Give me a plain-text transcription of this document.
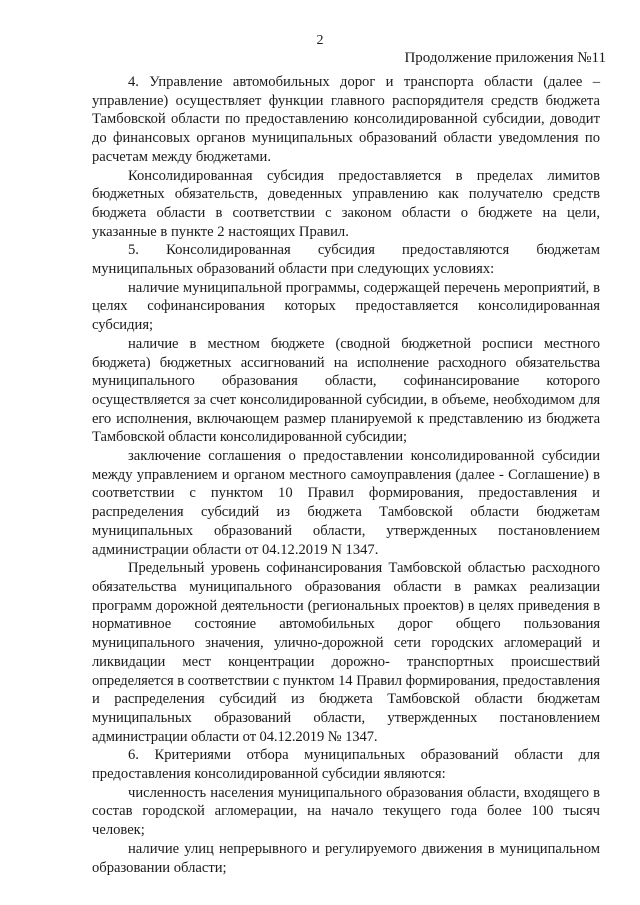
2
Продолжение приложения №11

4. Управление автомобильных дорог и транспорта области (далее – управление) осуществляет функции главного распорядителя средств бюджета Тамбовской области по предоставлению консолидированной субсидии, доводит до финансовых органов муниципальных образований области уведомления по расчетам между бюджетами.

Консолидированная субсидия предоставляется в пределах лимитов бюджетных обязательств, доведенных управлению как получателю средств бюджета области в соответствии с законом области о бюджете на цели, указанные в пункте 2 настоящих Правил.

5. Консолидированная субсидия предоставляются бюджетам муниципальных образований области при следующих условиях:

наличие муниципальной программы, содержащей перечень мероприятий, в целях софинансирования которых предоставляется консолидированная субсидия;

наличие в местном бюджете (сводной бюджетной росписи местного бюджета) бюджетных ассигнований на исполнение расходного обязательства муниципального образования области, софинансирование которого осуществляется за счет консолидированной субсидии, в объеме, необходимом для его исполнения, включающем размер планируемой к представлению из бюджета Тамбовской области консолидированной субсидии;

заключение соглашения о предоставлении консолидированной субсидии между управлением и органом местного самоуправления (далее - Соглашение) в соответствии с пунктом 10 Правил формирования, предоставления и распределения субсидий из бюджета Тамбовской области бюджетам муниципальных образований области, утвержденных постановлением администрации области от 04.12.2019 N 1347.

Предельный уровень софинансирования Тамбовской областью расходного обязательства муниципального образования области в рамках реализации программ дорожной деятельности (региональных проектов) в целях приведения в нормативное состояние автомобильных дорог общего пользования муниципального значения, улично-дорожной сети городских агломераций и ликвидации мест концентрации дорожно- транспортных происшествий определяется в соответствии с пунктом 14 Правил формирования, предоставления и распределения субсидий из бюджета Тамбовской области бюджетам муниципальных образований области, утвержденных постановлением администрации области от 04.12.2019 № 1347.

6. Критериями отбора муниципальных образований области для предоставления консолидированной субсидии являются:

численность населения муниципального образования области, входящего в состав городской агломерации, на начало текущего года более 100 тысяч человек;

наличие улиц непрерывного и регулируемого движения в муниципальном образовании области;
